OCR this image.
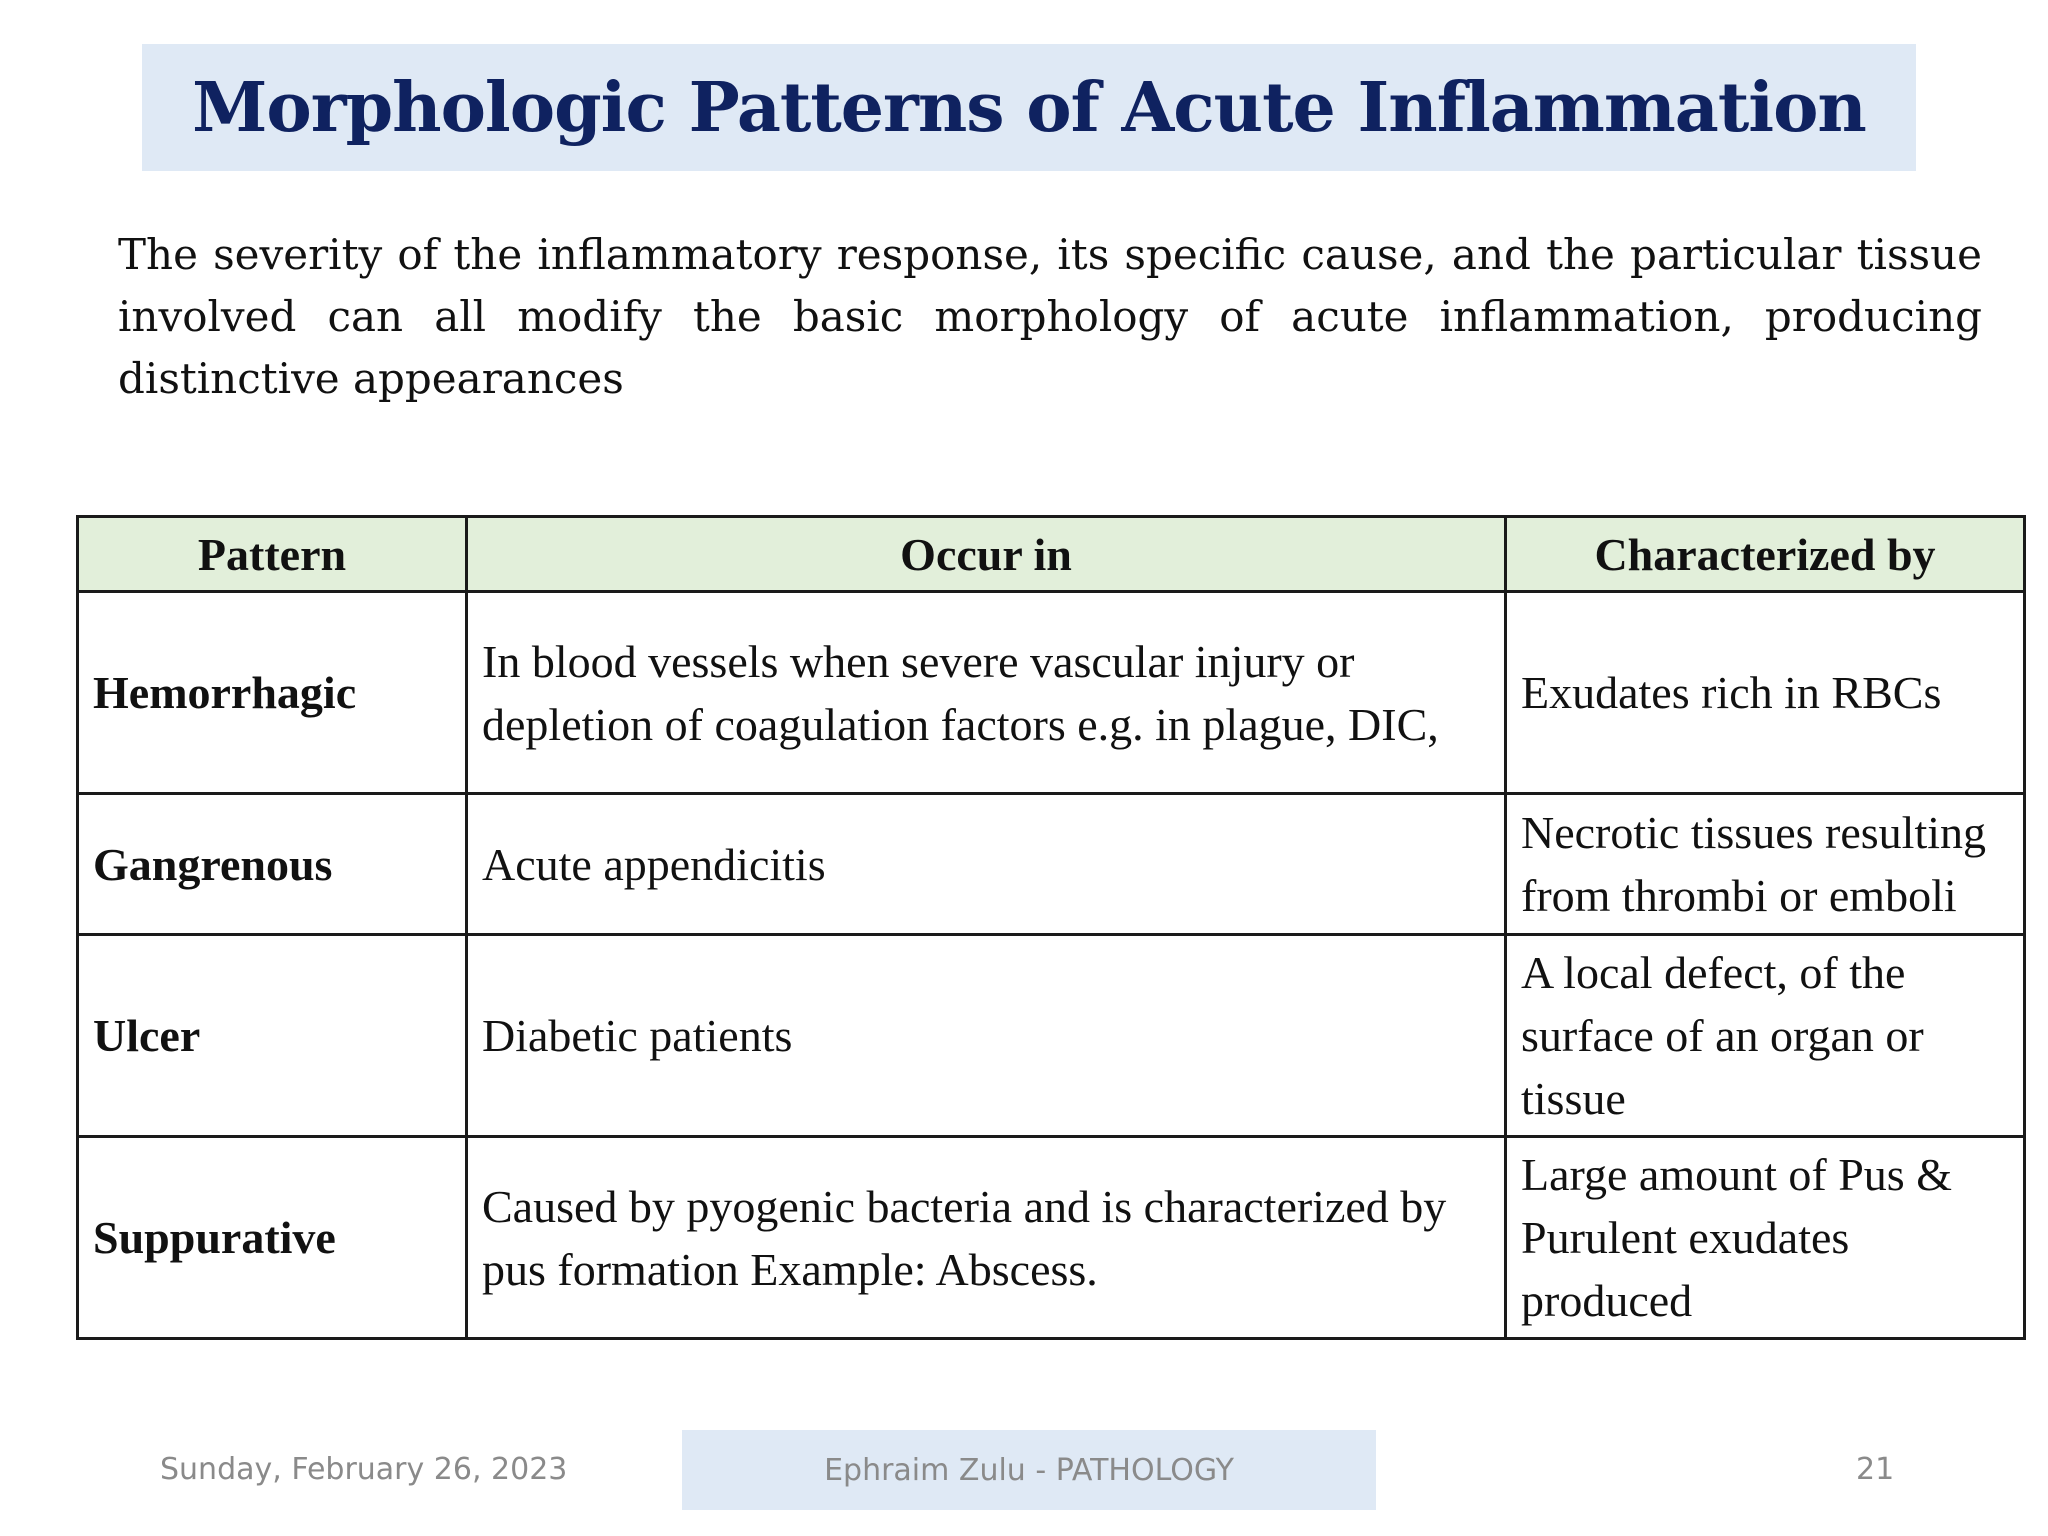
Morphologic Patterns of Acute Inflammation
The severity of the inflammatory response, its specific cause, and the particular tissue involved can all modify the basic morphology of acute inflammation, producing distinctive appearances
Pattern	Occur in	Characterized by
Hemorrhagic	In blood vessels when severe vascular injury or depletion of coagulation factors e.g. in plague, DIC,	Exudates rich in RBCs
Gangrenous	Acute appendicitis	Necrotic tissues resulting from thrombi or emboli
Ulcer	Diabetic patients	A local defect, of the surface of an organ or tissue
Suppurative	Caused by pyogenic bacteria and is characterized by pus formation Example: Abscess.	Large amount of Pus & Purulent exudates produced
Sunday, February 26, 2023	Ephraim Zulu - PATHOLOGY	21
